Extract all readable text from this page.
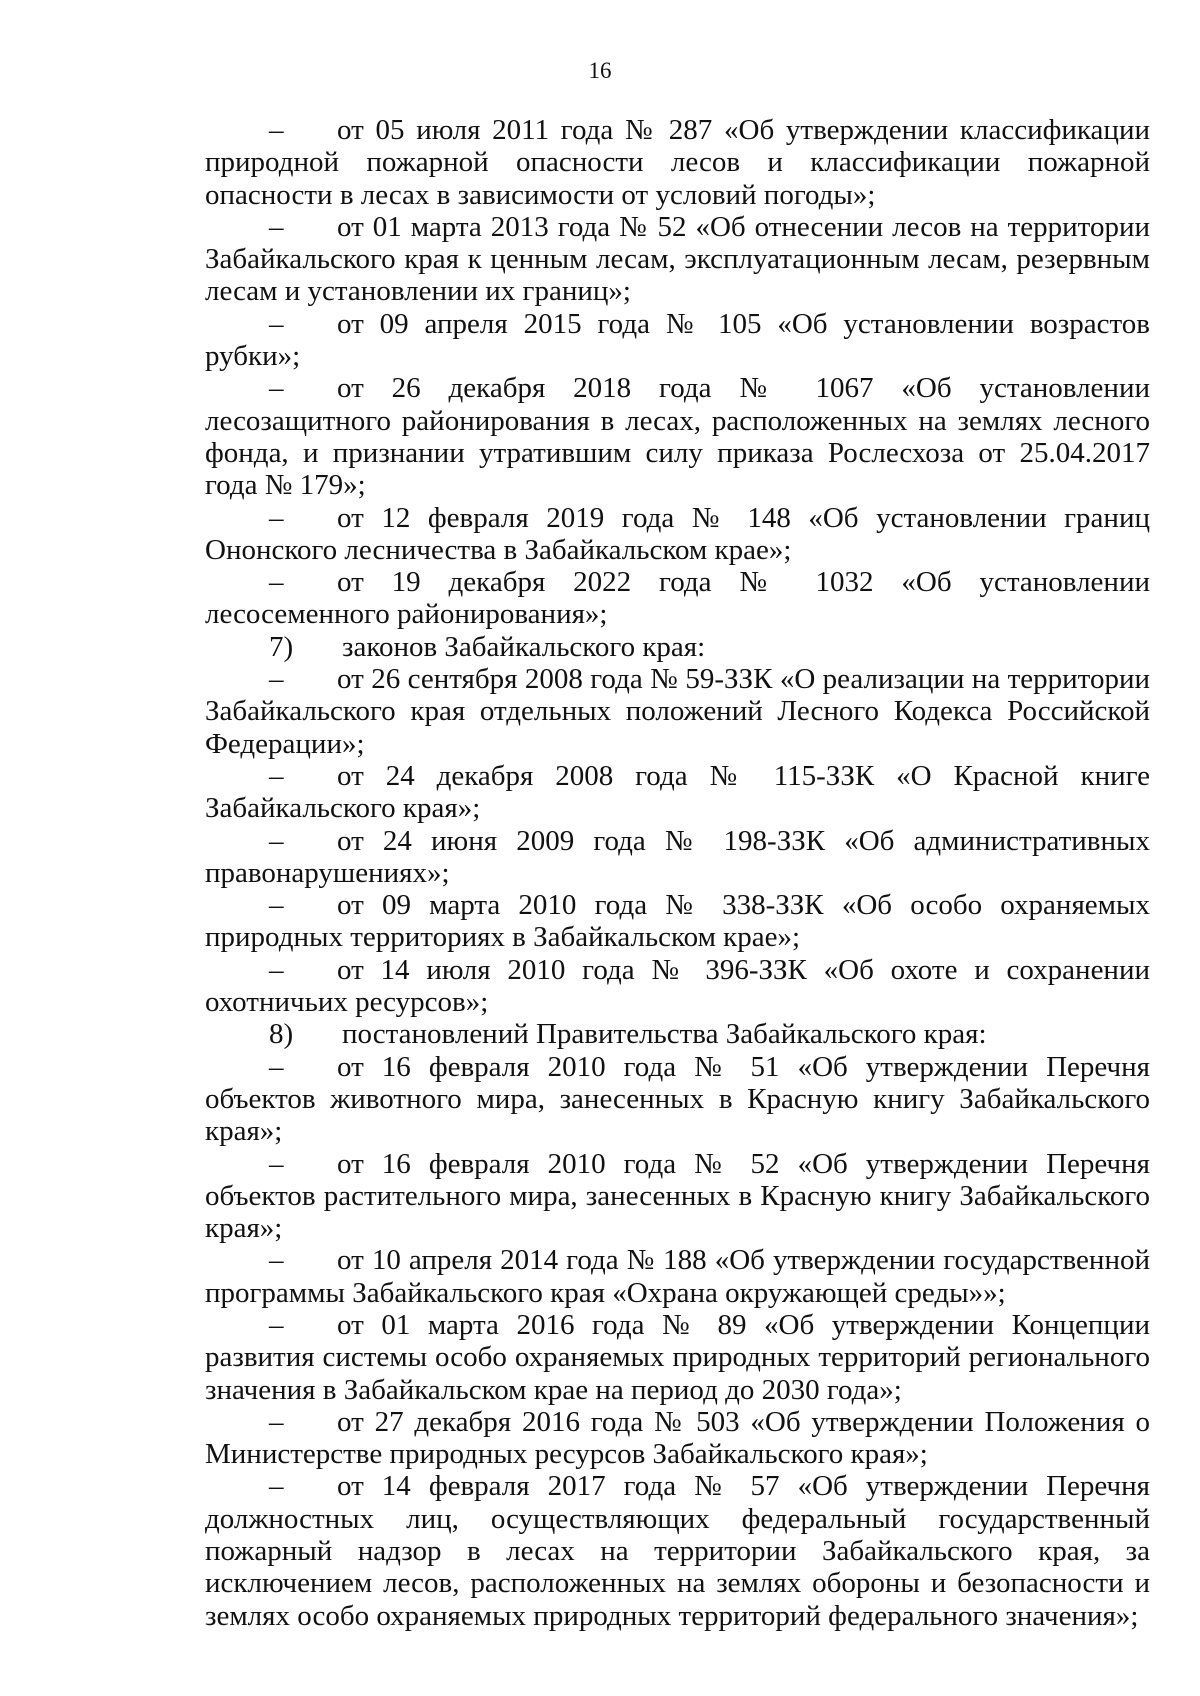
16

– от 05 июля 2011 года № 287 «Об утверждении классификации природной пожарной опасности лесов и классификации пожарной опасности в лесах в зависимости от условий погоды»;

– от 01 марта 2013 года № 52 «Об отнесении лесов на территории Забайкальского края к ценным лесам, эксплуатационным лесам, резервным лесам и установлении их границ»;

– от 09 апреля 2015 года № 105 «Об установлении возрастов рубки»;

– от 26 декабря 2018 года № 1067 «Об установлении лесозащитного районирования в лесах, расположенных на землях лесного фонда, и признании утратившим силу приказа Рослесхоза от 25.04.2017 года № 179»;

– от 12 февраля 2019 года № 148 «Об установлении границ Ононского лесничества в Забайкальском крае»;

– от 19 декабря 2022 года № 1032 «Об установлении лесосеменного районирования»;

7) законов Забайкальского края:

– от 26 сентября 2008 года № 59-ЗЗК «О реализации на территории Забайкальского края отдельных положений Лесного Кодекса Российской Федерации»;

– от 24 декабря 2008 года № 115-ЗЗК «О Красной книге Забайкальского края»;

– от 24 июня 2009 года № 198-ЗЗК «Об административных правонарушениях»;

– от 09 марта 2010 года № 338-ЗЗК «Об особо охраняемых природных территориях в Забайкальском крае»;

– от 14 июля 2010 года № 396-ЗЗК «Об охоте и сохранении охотничьих ресурсов»;

8) постановлений Правительства Забайкальского края:

– от 16 февраля 2010 года № 51 «Об утверждении Перечня объектов животного мира, занесенных в Красную книгу Забайкальского края»;

– от 16 февраля 2010 года № 52 «Об утверждении Перечня объектов растительного мира, занесенных в Красную книгу Забайкальского края»;

– от 10 апреля 2014 года № 188 «Об утверждении государственной программы Забайкальского края «Охрана окружающей среды»»;

– от 01 марта 2016 года № 89 «Об утверждении Концепции развития системы особо охраняемых природных территорий регионального значения в Забайкальском крае на период до 2030 года»;

– от 27 декабря 2016 года № 503 «Об утверждении Положения о Министерстве природных ресурсов Забайкальского края»;

– от 14 февраля 2017 года № 57 «Об утверждении Перечня должностных лиц, осуществляющих федеральный государственный пожарный надзор в лесах на территории Забайкальского края, за исключением лесов, расположенных на землях обороны и безопасности и землях особо охраняемых природных территорий федерального значения»;
